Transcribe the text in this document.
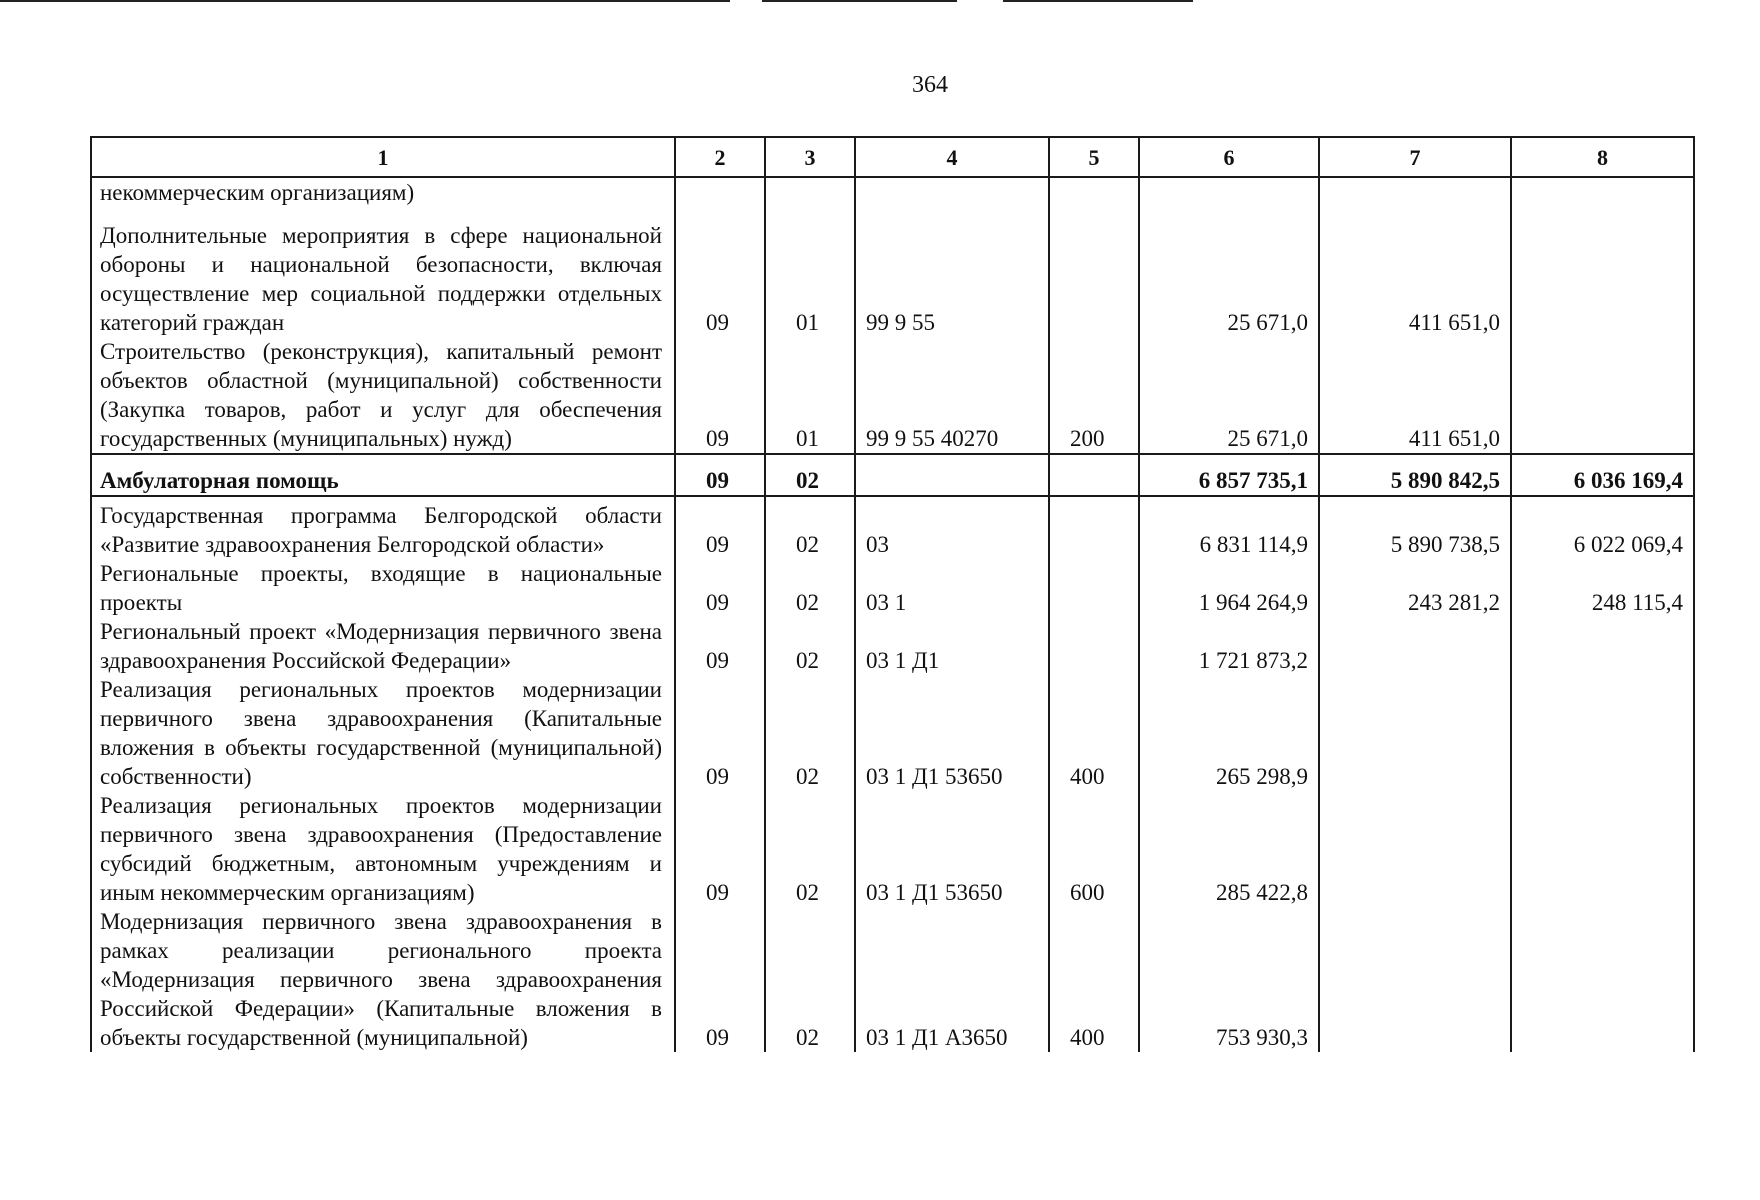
364
1	2	3	4	5	6	7	8

некоммерческим организациям)
Дополнительные мероприятия в сфере национальной обороны и национальной безопасности, включая осуществление мер социальной поддержки отдельных категорий граждан	09	01	99 9 55		25 671,0	411 651,0	
Строительство (реконструкция), капитальный ремонт объектов областной (муниципальной) собственности (Закупка товаров, работ и услуг для обеспечения государственных (муниципальных) нужд)	09	01	99 9 55 40270	200	25 671,0	411 651,0	
Амбулаторная помощь	09	02			6 857 735,1	5 890 842,5	6 036 169,4
Государственная программа Белгородской области «Развитие здравоохранения Белгородской области»	09	02	03		6 831 114,9	5 890 738,5	6 022 069,4
Региональные проекты, входящие в национальные проекты	09	02	03 1		1 964 264,9	243 281,2	248 115,4
Региональный проект «Модернизация первичного звена здравоохранения Российской Федерации»	09	02	03 1 Д1		1 721 873,2		
Реализация региональных проектов модернизации первичного звена здравоохранения (Капитальные вложения в объекты государственной (муниципальной) собственности)	09	02	03 1 Д1 53650	400	265 298,9		
Реализация региональных проектов модернизации первичного звена здравоохранения (Предоставление субсидий бюджетным, автономным учреждениям и иным некоммерческим организациям)	09	02	03 1 Д1 53650	600	285 422,8		
Модернизация первичного звена здравоохранения в рамках реализации регионального проекта «Модернизация первичного звена здравоохранения Российской Федерации» (Капитальные вложения в объекты государственной (муниципальной)	09	02	03 1 Д1 А3650	400	753 930,3		
